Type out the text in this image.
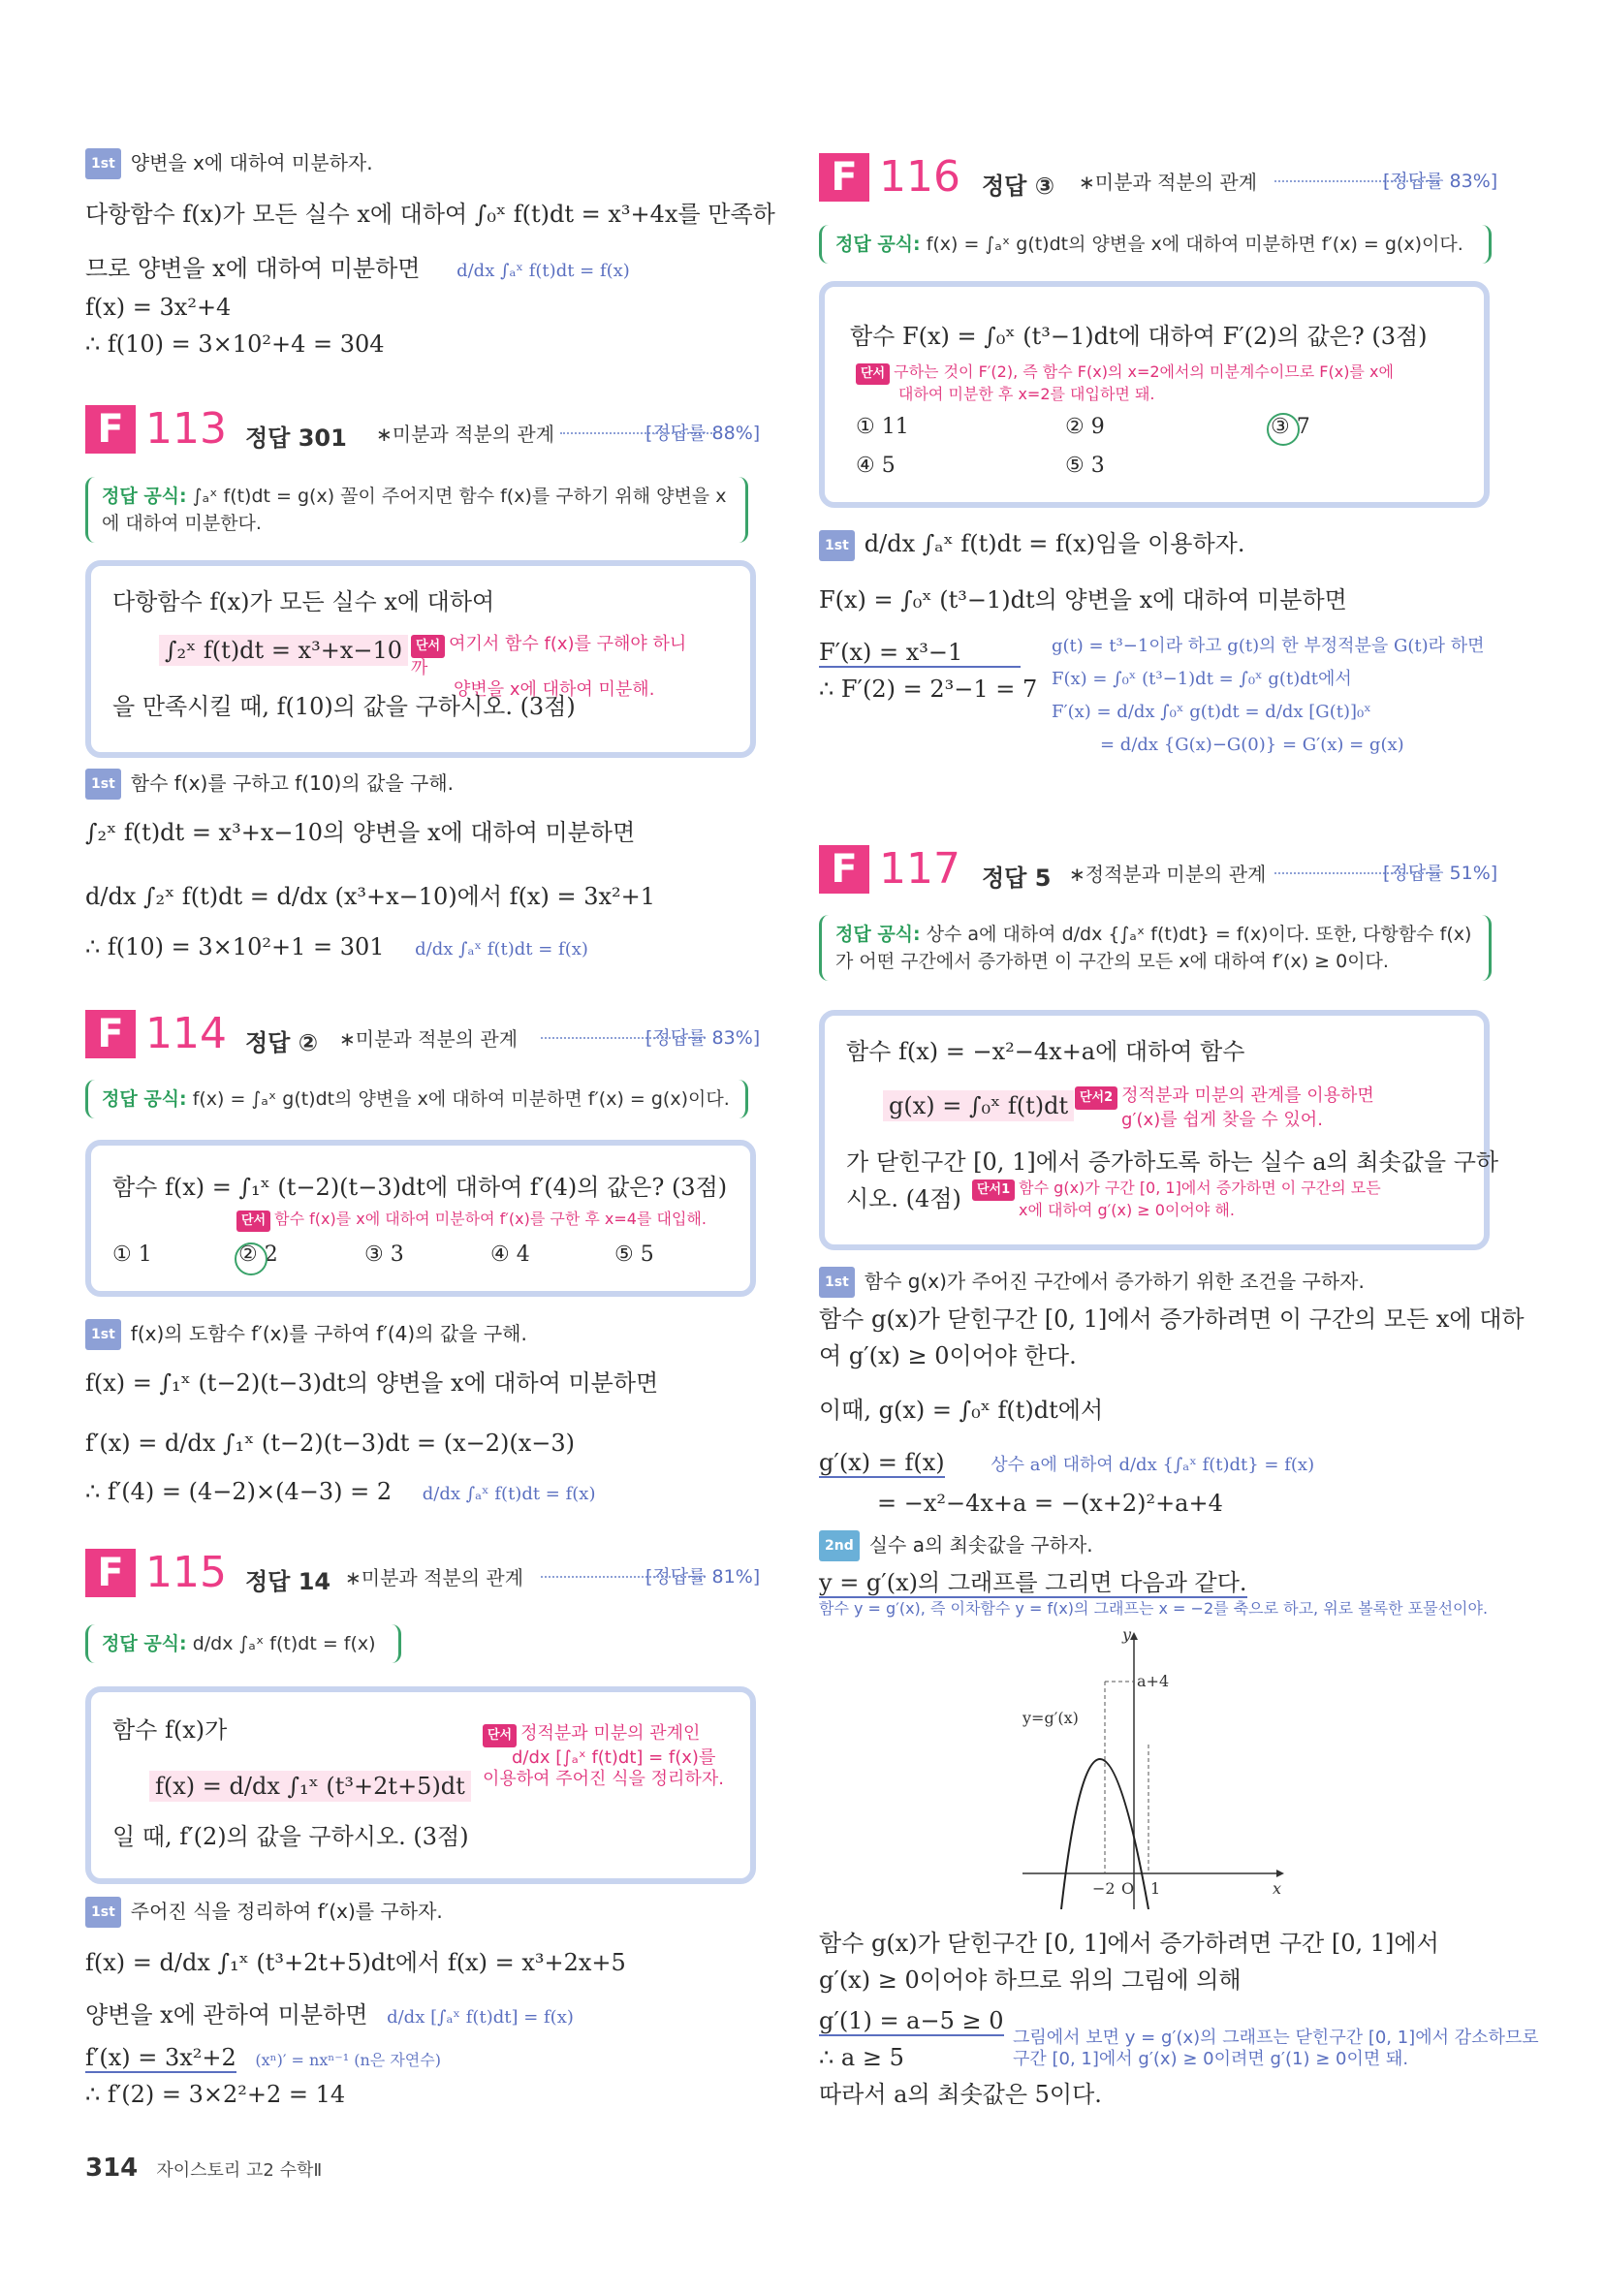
1st 양변을 x에 대하여 미분하자.
다항함수 f(x)가 모든 실수 x에 대하여 ∫₀ˣ f(t)dt = x³+4x를 만족하
므로 양변을 x에 대하여 미분하면 d/dx ∫ₐˣ f(t)dt = f(x)
f(x) = 3x²+4
∴ f(10) = 3×10²+4 = 304
F 113 정답 301 ∗미분과 적분의 관계	[정답률 88%]
정답 공식: ∫ₐˣ f(t)dt = g(x) 꼴이 주어지면 함수 f(x)를 구하기 위해 양변을 x
에 대하여 미분한다.
다항함수 f(x)가 모든 실수 x에 대하여
∫₂ˣ f(t)dt = x³+x−10	단서 여기서 함수 f(x)를 구해야 하니까
양변을 x에 대하여 미분해.
을 만족시킬 때, f(10)의 값을 구하시오. (3점)
1st 함수 f(x)를 구하고 f(10)의 값을 구해.
∫₂ˣ f(t)dt = x³+x−10의 양변을 x에 대하여 미분하면
d/dx ∫₂ˣ f(t)dt = d/dx (x³+x−10)에서 f(x) = 3x²+1
∴ f(10) = 3×10²+1 = 301 d/dx ∫ₐˣ f(t)dt = f(x)
F 114 정답 ② ∗미분과 적분의 관계	[정답률 83%]
정답 공식: f(x) = ∫ₐˣ g(t)dt의 양변을 x에 대하여 미분하면 f′(x) = g(x)이다.
함수 f(x) = ∫₁ˣ (t−2)(t−3)dt에 대하여 f′(4)의 값은? (3점)
단서 함수 f(x)를 x에 대하여 미분하여 f′(x)를 구한 후 x=4를 대입해.
① 1	② 2	③ 3	④ 4	⑤ 5
1st f(x)의 도함수 f′(x)를 구하여 f′(4)의 값을 구해.
f(x) = ∫₁ˣ (t−2)(t−3)dt의 양변을 x에 대하여 미분하면
f′(x) = d/dx ∫₁ˣ (t−2)(t−3)dt = (x−2)(x−3)
∴ f′(4) = (4−2)×(4−3) = 2 d/dx ∫ₐˣ f(t)dt = f(x)
F 115 정답 14 ∗미분과 적분의 관계	[정답률 81%]
정답 공식: d/dx ∫ₐˣ f(t)dt = f(x)
함수 f(x)가
f(x) = d/dx ∫₁ˣ (t³+2t+5)dt
일 때, f′(2)의 값을 구하시오. (3점)
단서 정적분과 미분의 관계인
d/dx [∫ₐˣ f(t)dt] = f(x)를
이용하여 주어진 식을 정리하자.
1st 주어진 식을 정리하여 f′(x)를 구하자.
f(x) = d/dx ∫₁ˣ (t³+2t+5)dt에서 f(x) = x³+2x+5
양변을 x에 관하여 미분하면 d/dx [∫ₐˣ f(t)dt] = f(x)
f′(x) = 3x²+2 (xⁿ)′ = nxⁿ⁻¹ (n은 자연수)
∴ f′(2) = 3×2²+2 = 14
F 116 정답 ③ ∗미분과 적분의 관계	[정답률 83%]
정답 공식: f(x) = ∫ₐˣ g(t)dt의 양변을 x에 대하여 미분하면 f′(x) = g(x)이다.
함수 F(x) = ∫₀ˣ (t³−1)dt에 대하여 F′(2)의 값은? (3점)
단서 구하는 것이 F′(2), 즉 함수 F(x)의 x=2에서의 미분계수이므로 F(x)를 x에
대하여 미분한 후 x=2를 대입하면 돼.
① 11	② 9	③ 7
④ 5	⑤ 3
1st d/dx ∫ₐˣ f(t)dt = f(x)임을 이용하자.
F(x) = ∫₀ˣ (t³−1)dt의 양변을 x에 대하여 미분하면
F′(x) = x³−1
∴ F′(2) = 2³−1 = 7
g(t) = t³−1이라 하고 g(t)의 한 부정적분을 G(t)라 하면
F(x) = ∫₀ˣ (t³−1)dt = ∫₀ˣ g(t)dt에서
F′(x) = d/dx ∫₀ˣ g(t)dt = d/dx [G(t)]₀ˣ
= d/dx {G(x)−G(0)} = G′(x) = g(x)
F 117 정답 5 ∗정적분과 미분의 관계	[정답률 51%]
정답 공식: 상수 a에 대하여 d/dx {∫ₐˣ f(t)dt} = f(x)이다. 또한, 다항함수 f(x)
가 어떤 구간에서 증가하면 이 구간의 모든 x에 대하여 f′(x) ≥ 0이다.
함수 f(x) = −x²−4x+a에 대하여 함수
g(x) = ∫₀ˣ f(t)dt 단서2 정적분과 미분의 관계를 이용하면
g′(x)를 쉽게 찾을 수 있어.
가 닫힌구간 [0, 1]에서 증가하도록 하는 실수 a의 최솟값을 구하
시오. (4점)	단서1 함수 g(x)가 구간 [0, 1]에서 증가하면 이 구간의 모든
x에 대하여 g′(x) ≥ 0이어야 해.
1st 함수 g(x)가 주어진 구간에서 증가하기 위한 조건을 구하자.
함수 g(x)가 닫힌구간 [0, 1]에서 증가하려면 이 구간의 모든 x에 대하
여 g′(x) ≥ 0이어야 한다.
이때, g(x) = ∫₀ˣ f(t)dt에서
g′(x) = f(x)	상수 a에 대하여 d/dx {∫ₐˣ f(t)dt} = f(x)
= −x²−4x+a = −(x+2)²+a+4
2nd 실수 a의 최솟값을 구하자.
y = g′(x)의 그래프를 그리면 다음과 같다.
함수 y = g′(x), 즉 이차함수 y = f(x)의 그래프는 x = −2를 축으로 하고, 위로 볼록한 포물선이야.
y
x
a+4
y=g′(x)
−2 O 1
함수 g(x)가 닫힌구간 [0, 1]에서 증가하려면 구간 [0, 1]에서
g′(x) ≥ 0이어야 하므로 위의 그림에 의해
g′(1) = a−5 ≥ 0
그림에서 보면 y = g′(x)의 그래프는 닫힌구간 [0, 1]에서 감소하므로
구간 [0, 1]에서 g′(x) ≥ 0이려면 g′(1) ≥ 0이면 돼.
∴ a ≥ 5
따라서 a의 최솟값은 5이다.
314 자이스토리 고2 수학Ⅱ
